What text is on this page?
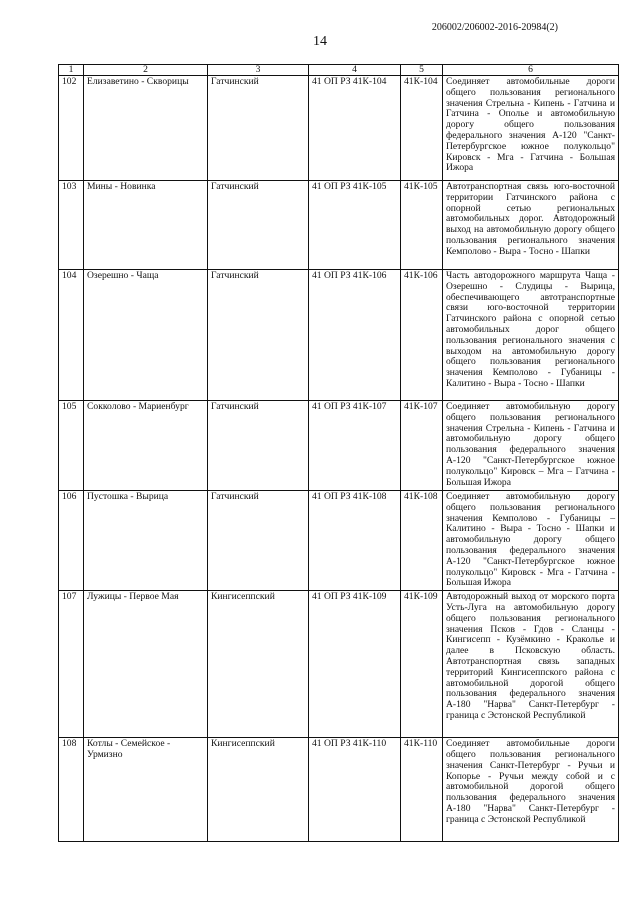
206002/206002-2016-20984(2)
14
1	2	3	4	5	6
102	Елизаветино - Скворицы	Гатчинский	41 ОП РЗ 41К-104	41К-104	Соединяет автомобильные дороги общего пользования регионального значения Стрельна - Кипень - Гатчина и Гатчина - Ополье и автомобильную дорогу общего пользования федерального значения А-120 "Санкт-Петербургское южное полукольцо" Кировск - Мга - Гатчина - Большая Ижора
103	Мины - Новинка	Гатчинский	41 ОП РЗ 41К-105	41К-105	Автотранспортная связь юго-восточной территории Гатчинского района с опорной сетью региональных автомобильных дорог. Автодорожный выход на автомобильную дорогу общего пользования регионального значения Кемполово - Выра - Тосно - Шапки
104	Озерешно - Чаща	Гатчинский	41 ОП РЗ 41К-106	41К-106	Часть автодорожного маршрута Чаща - Озерешно - Слудицы - Вырица, обеспечивающего автотранспортные связи юго-восточной территории Гатчинского района с опорной сетью автомобильных дорог общего пользования регионального значения с выходом на автомобильную дорогу общего пользования регионального значения Кемполово - Губаницы - Калитино - Выра - Тосно - Шапки
105	Сокколово - Мариенбург	Гатчинский	41 ОП РЗ 41К-107	41К-107	Соединяет автомобильную дорогу общего пользования регионального значения Стрельна - Кипень - Гатчина и автомобильную дорогу общего пользования федерального значения А-120 "Санкт-Петербургское южное полукольцо" Кировск – Мга – Гатчина - Большая Ижора
106	Пустошка - Вырица	Гатчинский	41 ОП РЗ 41К-108	41К-108	Соединяет автомобильную дорогу общего пользования регионального значения Кемполово - Губаницы – Калитино - Выра - Тосно - Шапки и автомобильную дорогу общего пользования федерального значения А-120 "Санкт-Петербургское южное полукольцо" Кировск - Мга - Гатчина - Большая Ижора
107	Лужицы - Первое Мая	Кингисеппский	41 ОП РЗ 41К-109	41К-109	Автодорожный выход от морского порта Усть-Луга на автомобильную дорогу общего пользования регионального значения Псков - Гдов - Сланцы - Кингисепп - Кузёмкино - Краколье и далее в Псковскую область. Автотранспортная связь западных территорий Кингисеппского района с автомобильной дорогой общего пользования федерального значения А-180 "Нарва" Санкт-Петербург - граница с Эстонской Республикой
108	Котлы - Семейское - Урмизно	Кингисеппский	41 ОП РЗ 41К-110	41К-110	Соединяет автомобильные дороги общего пользования регионального значения Санкт-Петербург - Ручьи и Копорье - Ручьи между собой и с автомобильной дорогой общего пользования федерального значения А-180 "Нарва" Санкт-Петербург - граница с Эстонской Республикой
